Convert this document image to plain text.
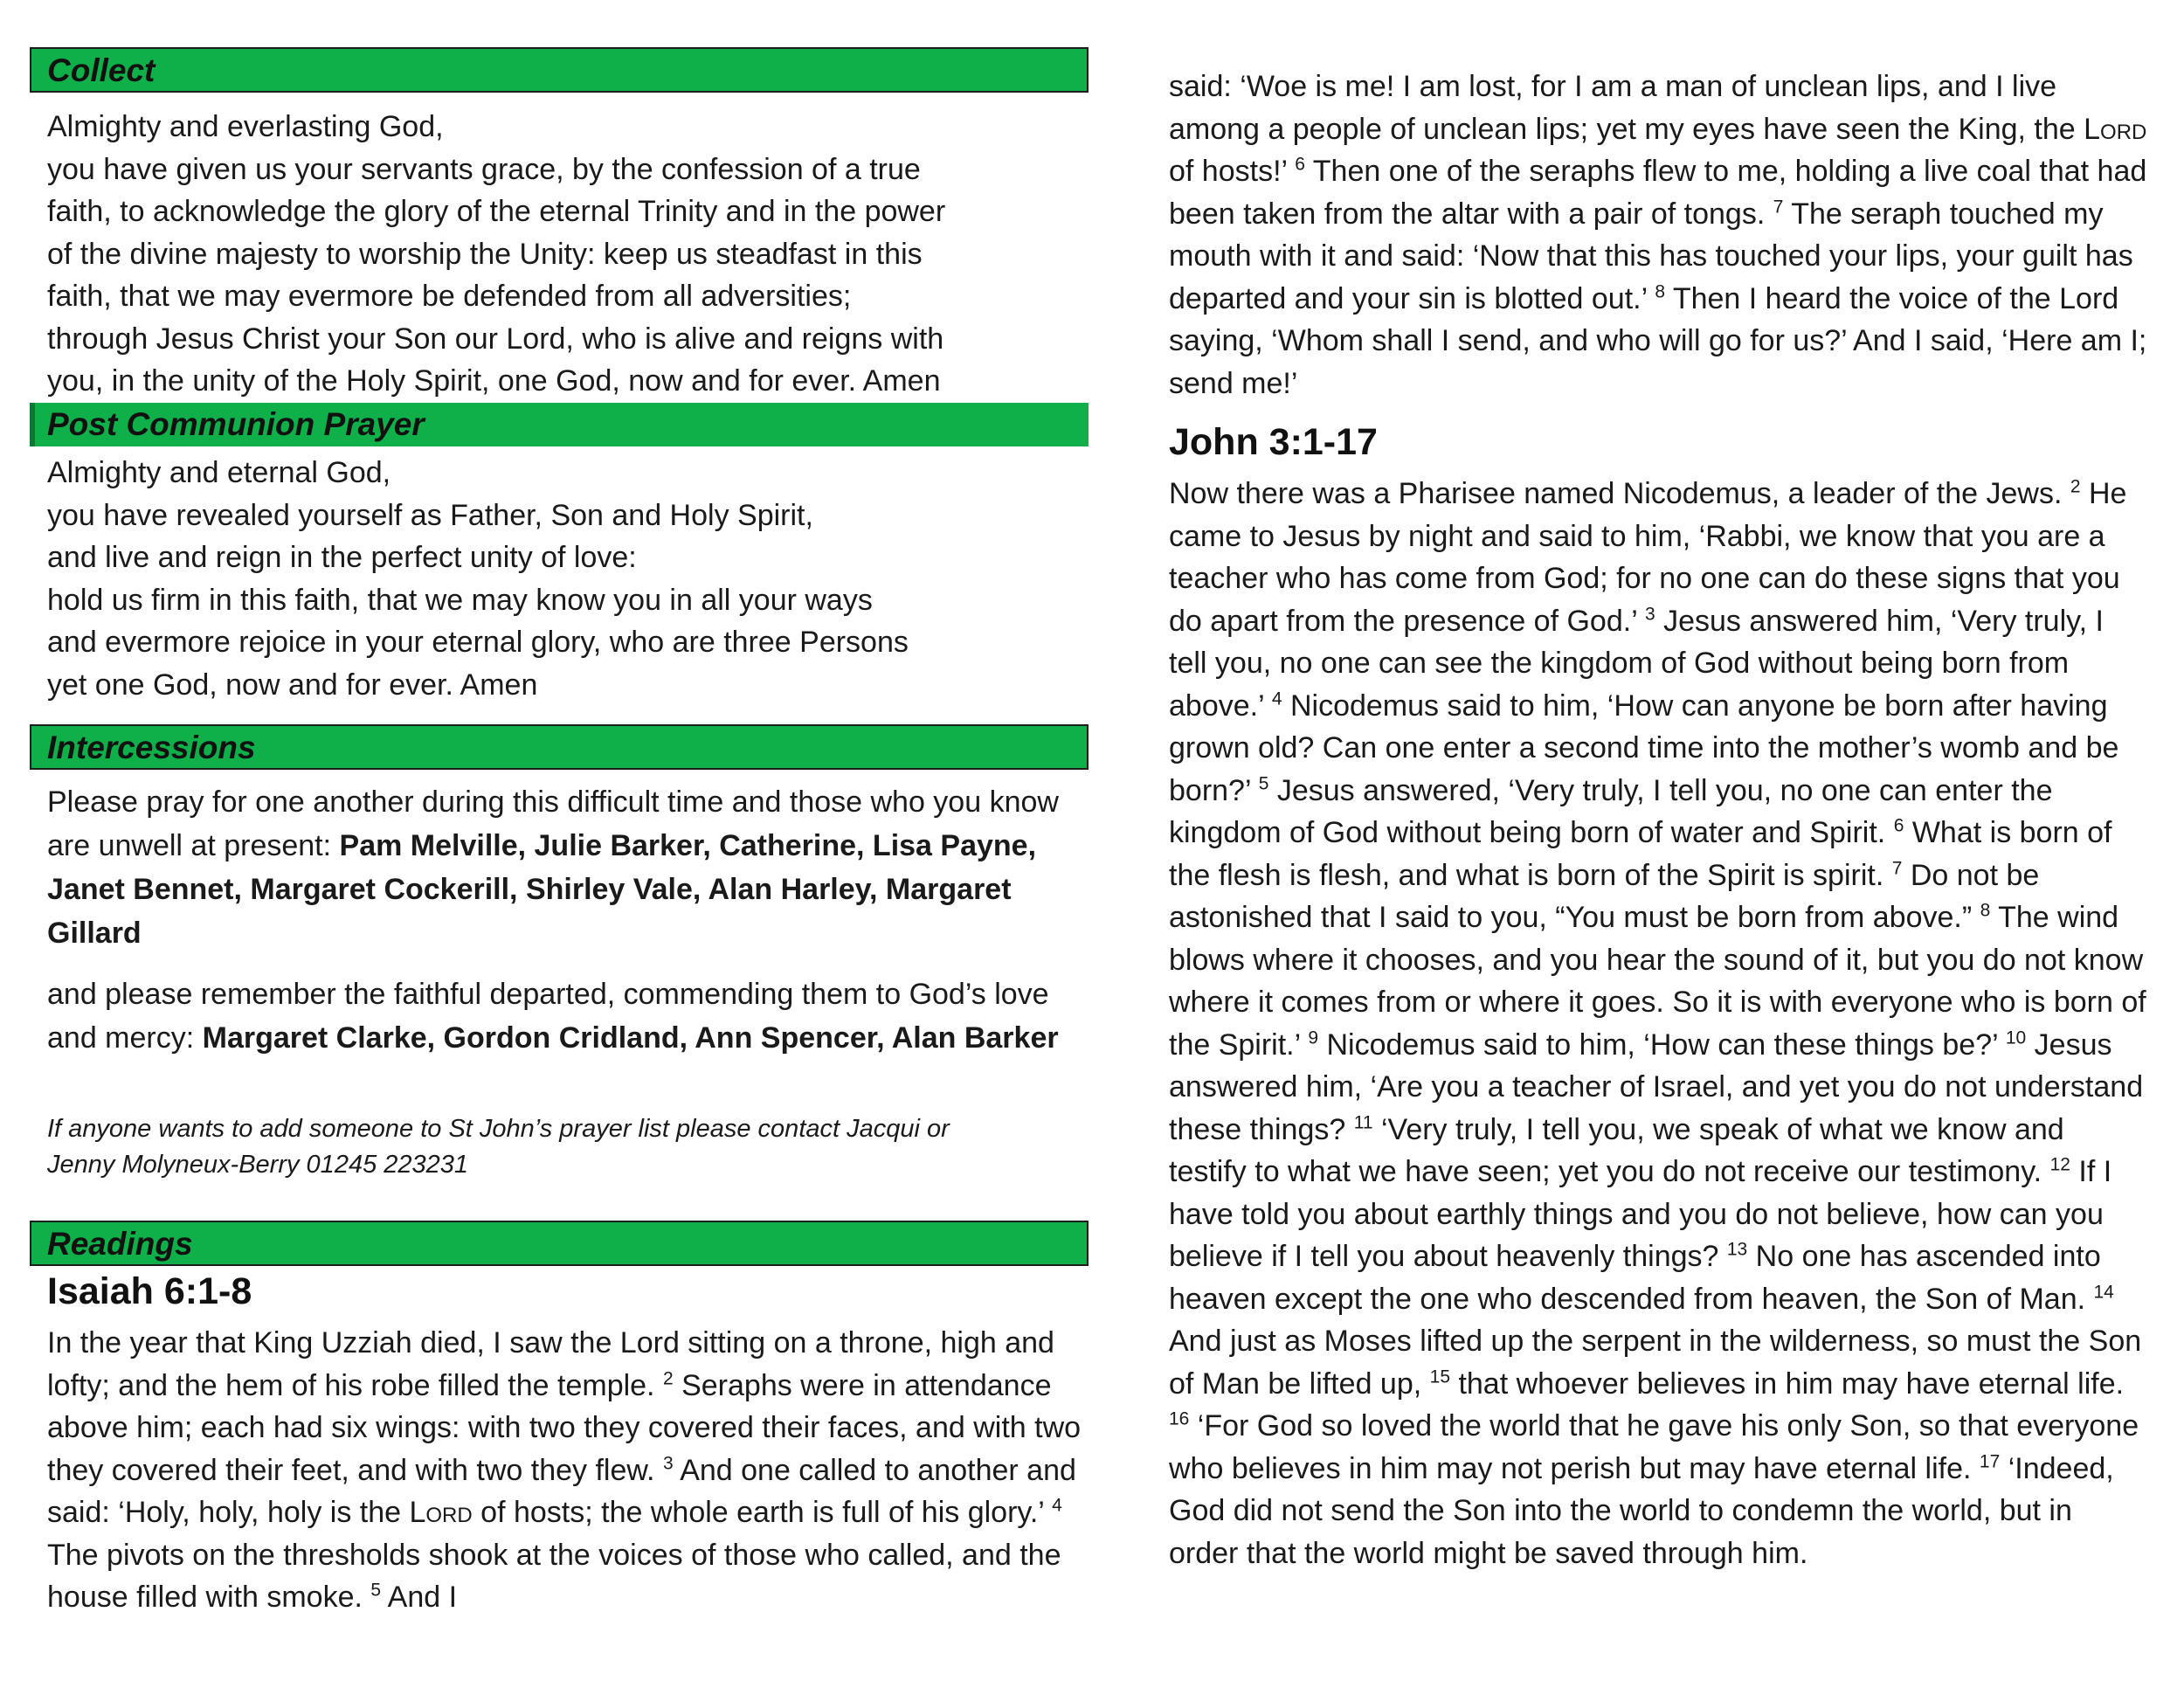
Collect
Almighty and everlasting God,
you have given us your servants grace, by the confession of a true
faith, to acknowledge the glory of the eternal Trinity and in the power
of the divine majesty to worship the Unity: keep us steadfast in this
faith, that we may evermore be defended from all adversities;
through Jesus Christ your Son our Lord, who is alive and reigns with
you, in the unity of the Holy Spirit, one God, now and for ever. Amen
Post Communion Prayer
Almighty and eternal God,
you have revealed yourself as Father, Son and Holy Spirit,
and live and reign in the perfect unity of love:
hold us firm in this faith, that we may know you in all your ways
and evermore rejoice in your eternal glory, who are three Persons
yet one God, now and for ever. Amen
Intercessions
Please pray for one another during this difficult time and those who you know are unwell at present: Pam Melville, Julie Barker, Catherine, Lisa Payne, Janet Bennet, Margaret Cockerill, Shirley Vale, Alan Harley, Margaret Gillard
and please remember the faithful departed, commending them to God’s love and mercy: Margaret Clarke, Gordon Cridland, Ann Spencer, Alan Barker
If anyone wants to add someone to St John’s prayer list please contact Jacqui or
Jenny Molyneux-Berry 01245 223231
Readings
Isaiah 6:1-8
In the year that King Uzziah died, I saw the Lord sitting on a throne, high and lofty; and the hem of his robe filled the temple. $^2$ Seraphs were in attendance above him; each had six wings: with two they covered their faces, and with two they covered their feet, and with two they flew. $^3$ And one called to another and said: ‘Holy, holy, holy is the Lord of hosts; the whole earth is full of his glory.’ $^4$ The pivots on the thresholds shook at the voices of those who called, and the house filled with smoke. $^5$ And I
said: ‘Woe is me! I am lost, for I am a man of unclean lips, and I live among a people of unclean lips; yet my eyes have seen the King, the Lord of hosts!’ $^6$ Then one of the seraphs flew to me, holding a live coal that had been taken from the altar with a pair of tongs. $^7$ The seraph touched my mouth with it and said: ‘Now that this has touched your lips, your guilt has departed and your sin is blotted out.’ $^8$ Then I heard the voice of the Lord saying, ‘Whom shall I send, and who will go for us?’ And I said, ‘Here am I; send me!’
John 3:1-17
Now there was a Pharisee named Nicodemus, a leader of the Jews. $^2$ He came to Jesus by night and said to him, ‘Rabbi, we know that you are a teacher who has come from God; for no one can do these signs that you do apart from the presence of God.’ $^3$ Jesus answered him, ‘Very truly, I tell you, no one can see the kingdom of God without being born from above.’ $^4$ Nicodemus said to him, ‘How can anyone be born after having grown old? Can one enter a second time into the mother’s womb and be born?’ $^5$ Jesus answered, ‘Very truly, I tell you, no one can enter the kingdom of God without being born of water and Spirit. $^6$ What is born of the flesh is flesh, and what is born of the Spirit is spirit. $^7$ Do not be astonished that I said to you, “You must be born from above.” $^8$ The wind blows where it chooses, and you hear the sound of it, but you do not know where it comes from or where it goes. So it is with everyone who is born of the Spirit.’ $^9$ Nicodemus said to him, ‘How can these things be?’ $^{10}$ Jesus answered him, ‘Are you a teacher of Israel, and yet you do not understand these things? $^{11}$ ‘Very truly, I tell you, we speak of what we know and testify to what we have seen; yet you do not receive our testimony. $^{12}$ If I have told you about earthly things and you do not believe, how can you believe if I tell you about heavenly things? $^{13}$ No one has ascended into heaven except the one who descended from heaven, the Son of Man. $^{14}$ And just as Moses lifted up the serpent in the wilderness, so must the Son of Man be lifted up, $^{15}$ that whoever believes in him may have eternal life. $^{16}$ ‘For God so loved the world that he gave his only Son, so that everyone who believes in him may not perish but may have eternal life. $^{17}$ ‘Indeed, God did not send the Son into the world to condemn the world, but in order that the world might be saved through him.
